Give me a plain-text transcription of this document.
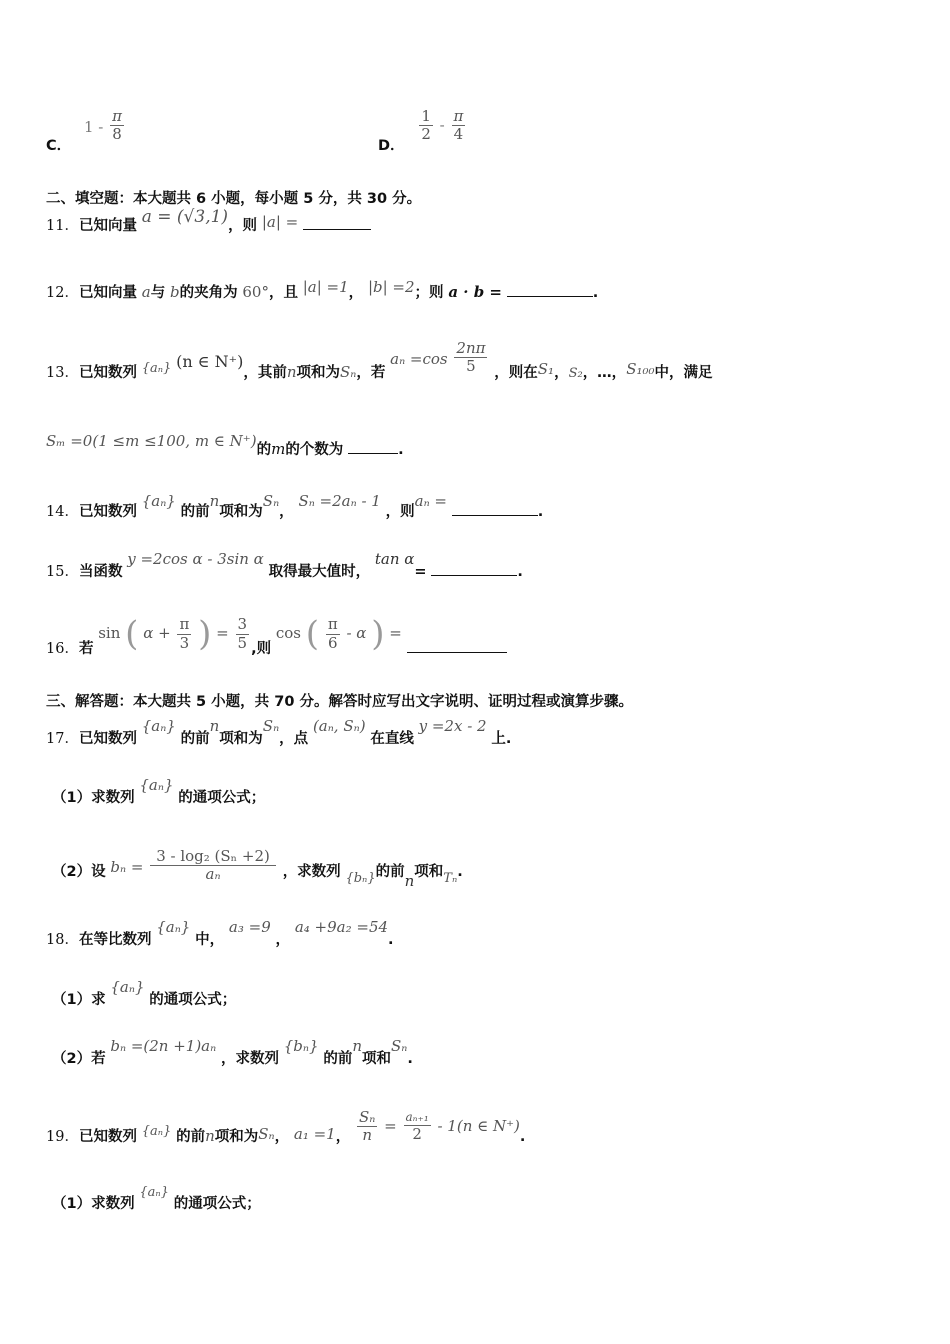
C． $1 - \frac{\pi}{8}$
D．
$\frac{1}{2} - \frac{\pi}{4}$
二、填空题：本大题共 6 小题，每小题 5 分，共 30 分。
11．已知向量 a = (√3,1)，则 |a| =
12．已知向量 a与 b的夹角为 60°，且 |a| =1， |b| =2；则 a · b =	.
13．已知数列 {aₙ} (n ∈ N⁺)，其前n项和为Sₙ，若 $a_n =\cos \frac{2n\pi}{5}$ ，则在S₁，S₂，…，S₁₀₀中，满足
Sₘ =0(1 ≤m ≤100, m ∈ N⁺)的m的个数为	.
14．已知数列 {aₙ} 的前n项和为Sₙ， Sₙ =2aₙ - 1 ，则aₙ = .
15．当函数 y =2cos α - 3sin α 取得最大值时， tan α=	.
16．若 sin ( $\alpha + \frac{\pi}{3}$ ) = $\frac{3}{5}$ ,则 cos ( $\frac{\pi}{6}$ - α ) =
三、解答题：本大题共 5 小题，共 70 分。解答时应写出文字说明、证明过程或演算步骤。
17．已知数列 {aₙ} 的前n项和为Sₙ，点 (aₙ, Sₙ) 在直线 y =2x - 2 上.
（1）求数列 {aₙ} 的通项公式；
（2）设 $b_n = \frac{\text{3 - log₂ (Sₙ +2)}}{\text{aₙ}}$ ，求数列 {bₙ}的前n项和Tₙ.
18．在等比数列 {aₙ} 中， a₃ =9 ， a₄ +9a₂ =54.
（1）求 {aₙ} 的通项公式；
（2）若 bₙ =(2n +1)aₙ ，求数列 {bₙ} 的前n项和Sₙ.
19．已知数列 {aₙ} 的前n项和为Sₙ， a₁ =1， $\frac{\text{Sₙ}}{n} = \frac{\text{aₙ₊₁}}{2} - 1(n$ ∈ N⁺).
（1）求数列 {aₙ} 的通项公式；
